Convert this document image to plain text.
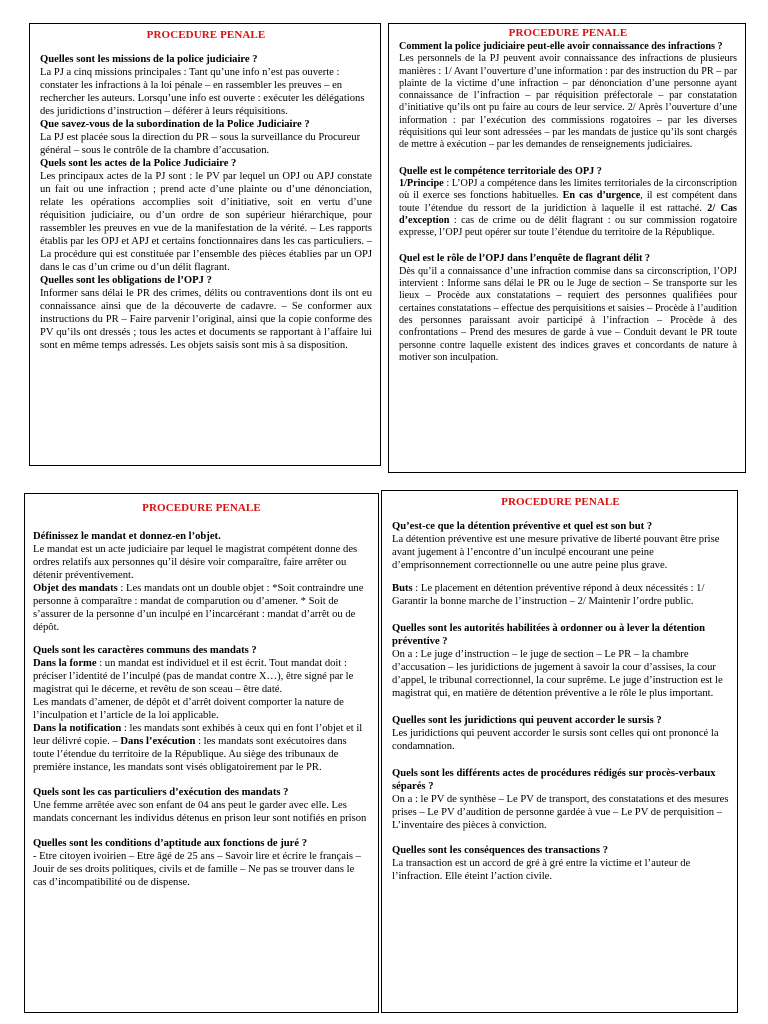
PROCEDURE PENALE

Quelles sont les missions de la police judiciaire ?

La PJ a cinq missions principales : Tant qu’une info n’est pas ouverte : constater les infractions à la loi pénale – en rassembler les preuves – en rechercher les auteurs. Lorsqu’une info est ouverte : exécuter les délégations des juridictions d’instruction – déférer à leurs réquisitions.

Que savez-vous de la subordination de la Police Judiciaire ?

La PJ est placée sous la direction du PR – sous la surveillance du Procureur général – sous le contrôle de la chambre d’accusation.

Quels sont les actes de la Police Judiciaire ?

Les principaux actes de la PJ sont : le PV par lequel un OPJ ou APJ constate un fait ou une infraction ; prend acte d’une plainte ou d’une dénonciation, relate les opérations accomplies soit d’initiative, soit en vertu d’une réquisition judiciaire, ou d’un ordre de son supérieur hiérarchique, pour rassembler les preuves en vue de la manifestation de la vérité. – Les rapports établis par les OPJ et APJ et certains fonctionnaires dans les cas particuliers. – La procédure qui est constituée par l’ensemble des pièces établies par un OPJ dans le cas d’un crime ou d’un délit flagrant.

Quelles sont les obligations de l’OPJ ?

Informer sans délai le PR des crimes, délits ou contraventions dont ils ont eu connaissance ainsi que de la découverte de cadavre. – Se conformer aux instructions du PR – Faire parvenir l’original, ainsi que la copie conforme des PV qu’ils ont dressés ; tous les actes et documents se rapportant à l’affaire lui sont en même temps adressés. Les objets saisis sont mis à sa disposition.

PROCEDURE PENALE

Comment la police judiciaire peut-elle avoir connaissance des infractions ?

Les personnels de la PJ peuvent avoir connaissance des infractions de plusieurs manières : 1/ Avant l’ouverture d’une information : par des instruction du PR – par plainte de la victime d’une infraction – par dénonciation d’une personne ayant connaissance de l’infraction – par réquisition préfectorale – par constatation d’initiative qu’ils ont pu faire au cours de leur service. 2/ Après l’ouverture d’une information : par l’exécution des commissions rogatoires – par les diverses réquisitions qui leur sont adressées – par les mandats de justice qu’ils sont chargés de mettre à exécution – par les demandes de renseignements judiciaires.

Quelle est le compétence territoriale des OPJ ?

1/Principe : L’OPJ a compétence dans les limites territoriales de la circonscription où il exerce ses fonctions habituelles. En cas d’urgence, il est compétent dans toute l’étendue du ressort de la juridiction à laquelle il est rattaché. 2/ Cas d’exception : cas de crime ou de délit flagrant : ou sur commission rogatoire expresse, l’OPJ peut opérer sur toute l’étendue du territoire de la République.

Quel est le rôle de l’OPJ dans l’enquête de flagrant délit ?

Dès qu’il a connaissance d’une infraction commise dans sa circonscription, l’OPJ intervient : Informe sans délai le PR ou le Juge de section – Se transporte sur les lieux – Procède aux constatations – requiert des personnes qualifiées pour certaines constatations – effectue des perquisitions et saisies – Procède à l’audition des personnes paraissant avoir participé à l’infraction – Procède à des confrontations – Prend des mesures de garde à vue – Conduit devant le PR toute personne contre laquelle existent des indices graves et concordants de nature à motiver son inculpation.

PROCEDURE PENALE

Définissez le mandat et donnez-en l’objet.

Le mandat est un acte judiciaire par lequel le magistrat compétent donne des ordres relatifs aux personnes qu’il désire voir comparaître, faire arrêter ou détenir préventivement.

Objet des mandats : Les mandats ont un double objet : *Soit contraindre une personne à comparaître : mandat de comparution ou d’amener. * Soit de s’assurer de la personne d’un inculpé en l’incarcérant : mandat d’arrêt ou de dépôt.

Quels sont les caractères communs des mandats ?

Dans la forme : un mandat est individuel et il est écrit. Tout mandat doit : préciser l’identité de l’inculpé (pas de mandat contre X…), être signé par le magistrat qui le décerne, et revêtu de son sceau – être daté.

Les mandats d’amener, de dépôt et d’arrêt doivent comporter la nature de l’inculpation et l’article de la loi applicable.

Dans la notification : les mandats sont exhibés à ceux qui en font l’objet et il leur délivré copie. – Dans l’exécution : les mandats sont exécutoires dans toute l’étendue du territoire de la République. Au siège des tribunaux de première instance, les mandats sont visés obligatoirement par le PR.

Quels sont les cas particuliers d’exécution des mandats ?

Une femme arrêtée avec son enfant de 04 ans peut le garder avec elle. Les mandats concernant les individus détenus en prison leur sont notifiés en prison

Quelles sont les conditions d’aptitude aux fonctions de juré ?

- Etre citoyen ivoirien – Etre âgé de 25 ans – Savoir lire et écrire le français – Jouir de ses droits politiques, civils et de famille – Ne pas se trouver dans le cas d’incompatibilité ou de dispense.

PROCEDURE PENALE

Qu’est-ce que la détention préventive et quel est son but ?

La détention préventive est une mesure privative de liberté pouvant être prise avant jugement à l’encontre d’un inculpé encourant une peine d’emprisonnement correctionnelle ou une autre peine plus grave.

Buts : Le placement en détention préventive répond à deux nécessités : 1/ Garantir la bonne marche de l’instruction – 2/ Maintenir l’ordre public.

Quelles sont les autorités habilitées à ordonner ou à lever la détention préventive ?

On a : Le juge d’instruction – le juge de section – Le PR – la chambre d’accusation – les juridictions de jugement à savoir la cour d’assises, la cour d’appel, le tribunal correctionnel, la cour suprême. Le juge d’instruction est le magistrat qui, en matière de détention préventive a le rôle le plus important.

Quelles sont les juridictions qui peuvent accorder le sursis ?

Les juridictions qui peuvent accorder le sursis sont celles qui ont prononcé la condamnation.

Quels sont les différents actes de procédures rédigés sur procès-verbaux séparés ?

On a : le PV de synthèse – Le PV de transport, des constatations et des mesures prises – Le PV d’audition de personne gardée à vue – Le PV de perquisition – L’inventaire des pièces à conviction.

Quelles sont les conséquences des transactions ?

La transaction est un accord de gré à gré entre la victime et l’auteur de l’infraction. Elle éteint l’action civile.
